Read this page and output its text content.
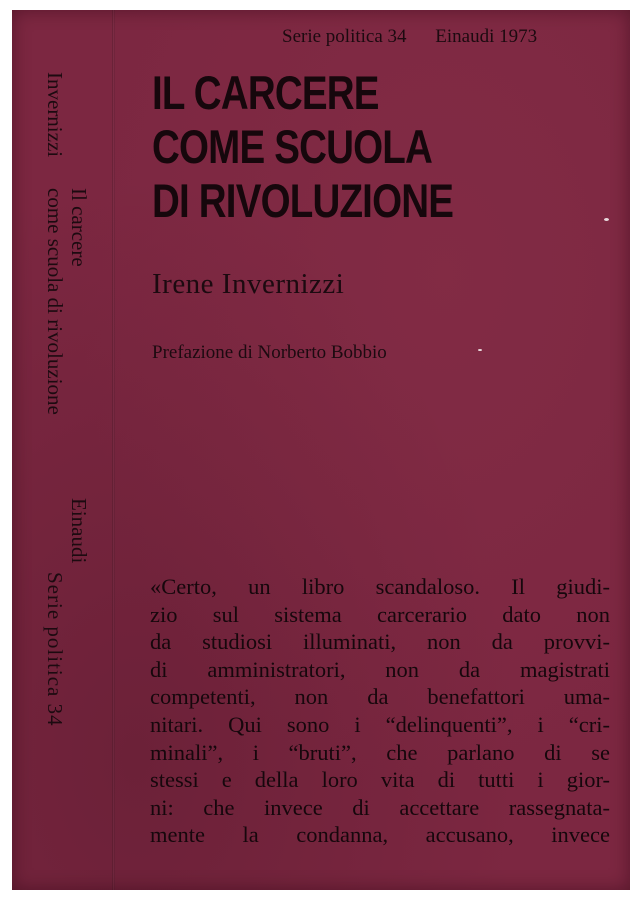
Invernizzi
Il carcere
come scuola di rivoluzione
Einaudi
Serie politica 34
Serie politica 34 Einaudi 1973
IL CARCERE
COME SCUOLA
DI RIVOLUZIONE
Irene Invernizzi
Prefazione di Norberto Bobbio
«Certo, un libro scandaloso. Il giudi-
zio sul sistema carcerario dato non
da studiosi illuminati, non da provvi-
di amministratori, non da magistrati
competenti, non da benefattori uma-
nitari. Qui sono i “delinquenti”, i “cri-
minali”, i “bruti”, che parlano di se
stessi e della loro vita di tutti i gior-
ni: che invece di accettare rassegnata-
mente la condanna, accusano, invece
